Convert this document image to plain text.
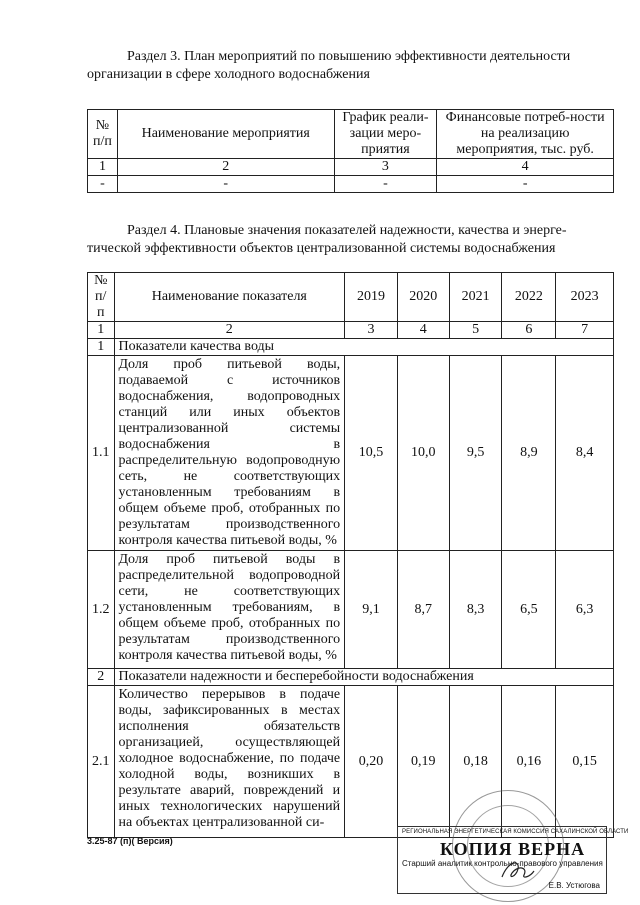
Раздел 3. План мероприятий по повышению эффективности деятельности
организации в сфере холодного водоснабжения
№ п/п	Наименование мероприятия	График реали-зации меро-приятия	Финансовые потреб-ности на реализацию мероприятия, тыс. руб.
1	2	3	4
-	-	-	-
Раздел 4. Плановые значения показателей надежности, качества и энерге-
тической эффективности объектов централизованной системы водоснабжения
№ п/п	Наименование показателя	2019	2020	2021	2022	2023
1	2	3	4	5	6	7
1	Показатели качества воды					
1.1	Доля проб питьевой воды, подаваемой с источников водоснабжения, водопроводных станций или иных объектов централизованной системы водоснабжения в распределительную водопроводную сеть, не соответствующих установленным требованиям в общем объеме проб, отобранных по результатам производственного контроля качества питьевой воды, %	10,5	10,0	9,5	8,9	8,4
1.2	Доля проб питьевой воды в распределительной водопроводной сети, не соответствующих установленным требованиям, в общем объеме проб, отобранных по результатам производственного контроля качества питьевой воды, %	9,1	8,7	8,3	6,5	6,3
2	Показатели надежности и бесперебойности водоснабжения					
2.1	Количество перерывов в подаче воды, зафиксированных в местах исполнения обязательств организацией, осуществляющей холодное водоснабжение, по подаче холодной воды, возникших в результате аварий, повреждений и иных технологических нарушений на объектах централизованной си-	0,20	0,19	0,18	0,16	0,15
3.25-87 (п)( Версия)
РЕГИОНАЛЬНАЯ ЭНЕРГЕТИЧЕСКАЯ КОМИССИЯ САХАЛИНСКОЙ ОБЛАСТИ
КОПИЯ ВЕРНА
Старший аналитик контрольно-правового управления
Е.В. Устюгова
